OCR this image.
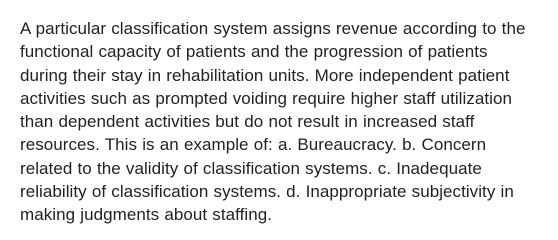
A particular classification system assigns revenue according to the functional capacity of patients and the progression of patients during their stay in rehabilitation units. More independent patient activities such as prompted voiding require higher staff utilization than dependent activities but do not result in increased staff resources. This is an example of: a. Bureaucracy. b. Concern related to the validity of classification systems. c. Inadequate reliability of classification systems. d. Inappropriate subjectivity in making judgments about staffing.
